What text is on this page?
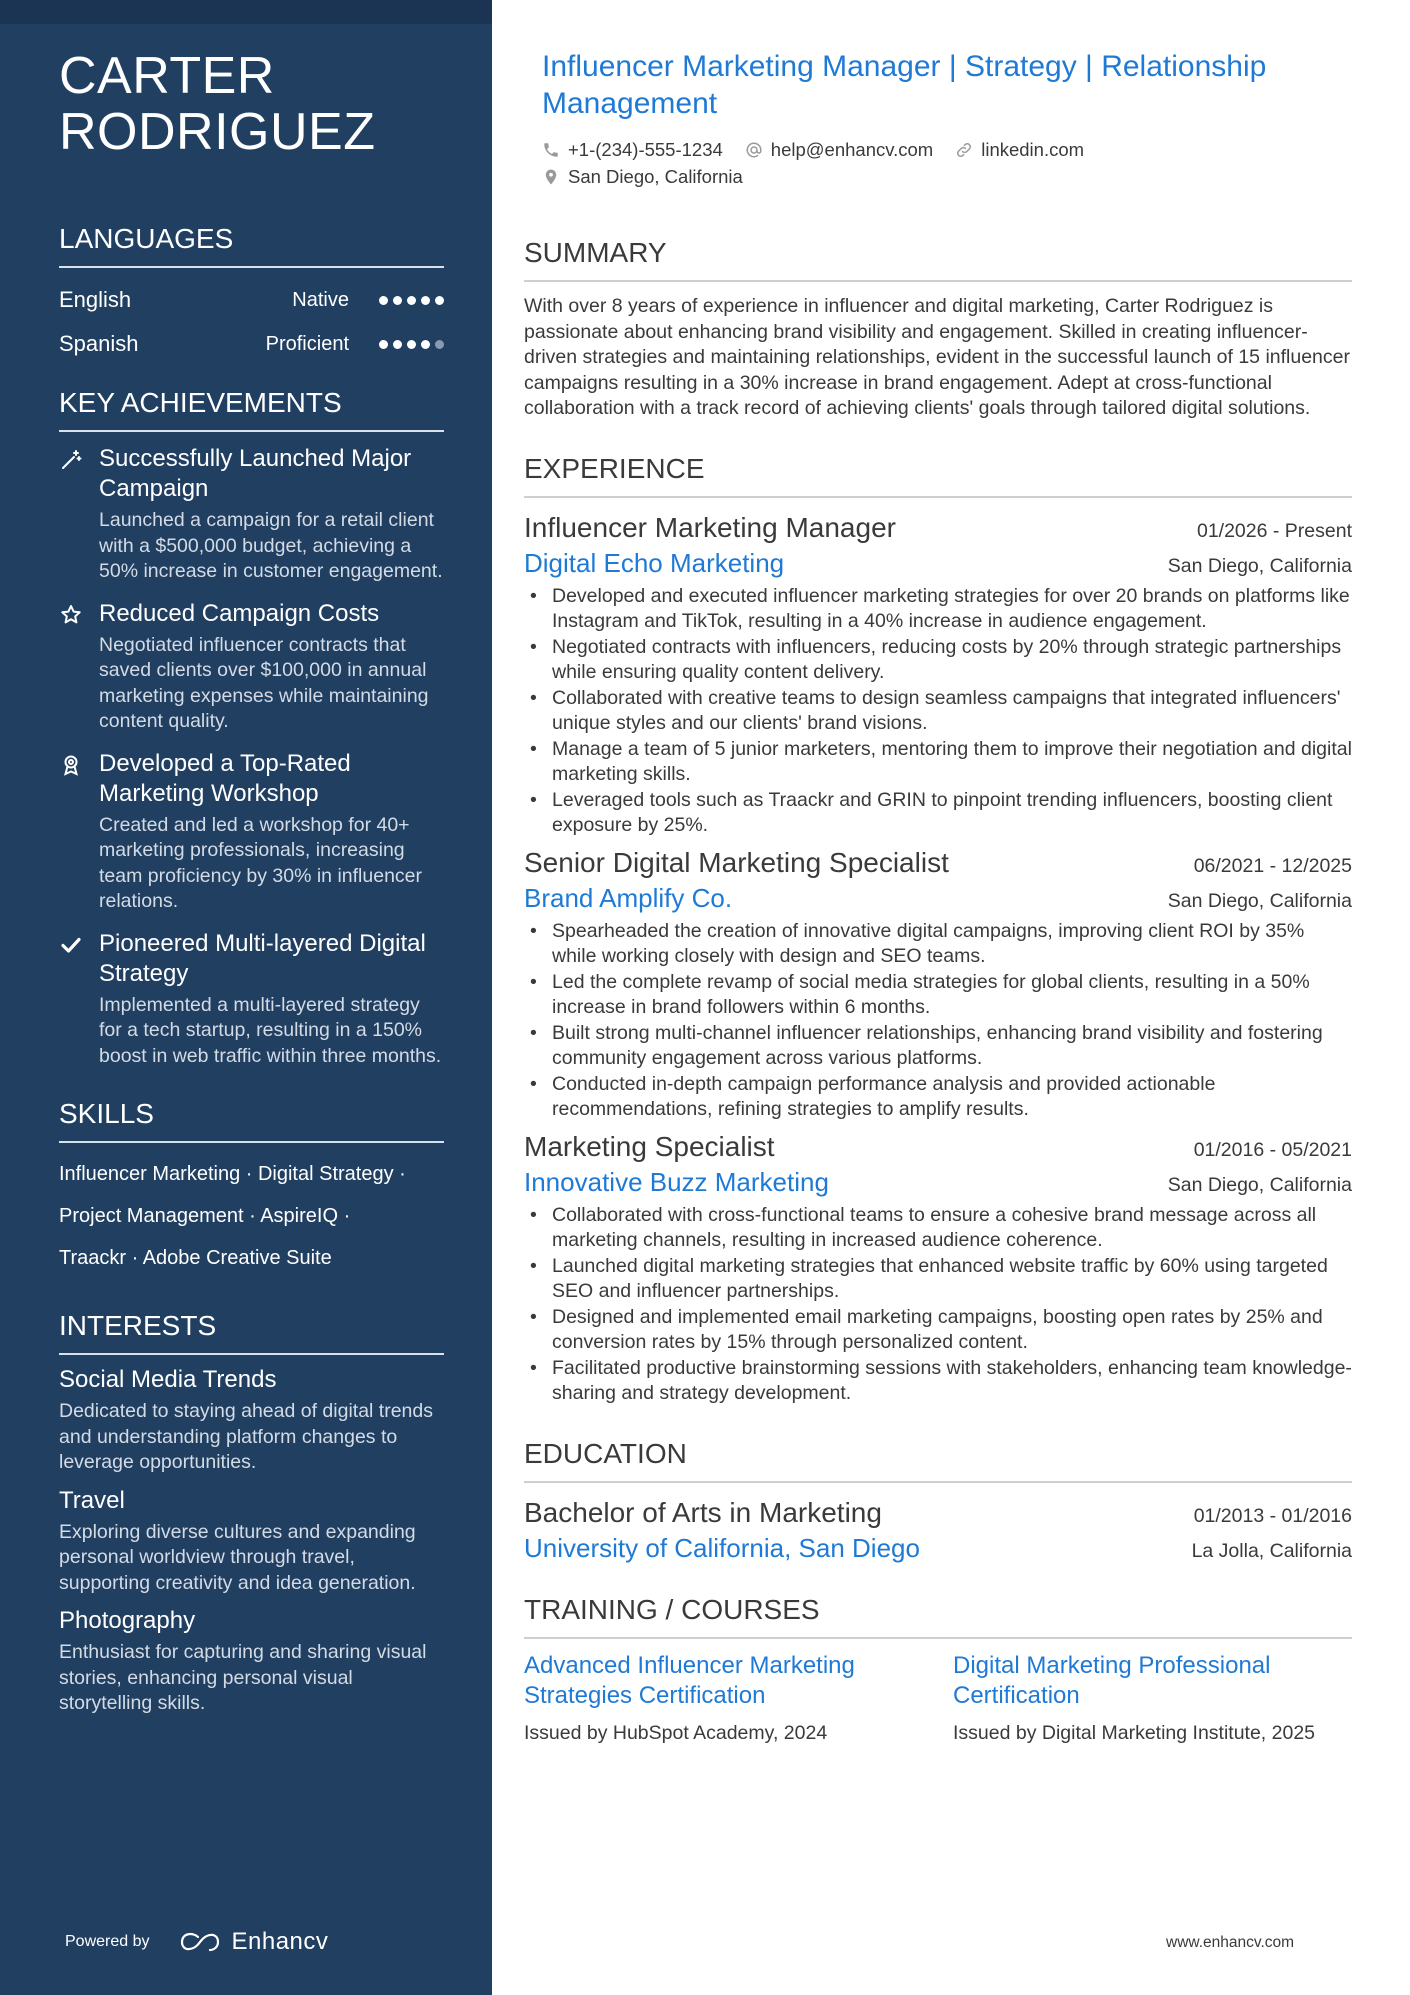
CARTER
RODRIGUEZ
LANGUAGES
English	Native
Spanish	Proficient
KEY ACHIEVEMENTS
Successfully Launched Major Campaign
Launched a campaign for a retail client with a $500,000 budget, achieving a 50% increase in customer engagement.
Reduced Campaign Costs
Negotiated influencer contracts that saved clients over $100,000 in annual marketing expenses while maintaining content quality.
Developed a Top-Rated Marketing Workshop
Created and led a workshop for 40+ marketing professionals, increasing team proficiency by 30% in influencer relations.
Pioneered Multi-layered Digital Strategy
Implemented a multi-layered strategy for a tech startup, resulting in a 150% boost in web traffic within three months.
SKILLS
Influencer Marketing · Digital Strategy ·
Project Management · AspireIQ ·
Traackr · Adobe Creative Suite
INTERESTS
Social Media Trends
Dedicated to staying ahead of digital trends and understanding platform changes to leverage opportunities.
Travel
Exploring diverse cultures and expanding personal worldview through travel, supporting creativity and idea generation.
Photography
Enthusiast for capturing and sharing visual stories, enhancing personal visual storytelling skills.
Powered by	Enhancv
Influencer Marketing Manager | Strategy | Relationship Management
+1-(234)-555-1234	help@enhancv.com	linkedin.com
San Diego, California
SUMMARY
With over 8 years of experience in influencer and digital marketing, Carter Rodriguez is passionate about enhancing brand visibility and engagement. Skilled in creating influencer-driven strategies and maintaining relationships, evident in the successful launch of 15 influencer campaigns resulting in a 30% increase in brand engagement. Adept at cross-functional collaboration with a track record of achieving clients' goals through tailored digital solutions.
EXPERIENCE
Influencer Marketing Manager	01/2026 - Present
Digital Echo Marketing	San Diego, California
• Developed and executed influencer marketing strategies for over 20 brands on platforms like Instagram and TikTok, resulting in a 40% increase in audience engagement.
• Negotiated contracts with influencers, reducing costs by 20% through strategic partnerships while ensuring quality content delivery.
• Collaborated with creative teams to design seamless campaigns that integrated influencers' unique styles and our clients' brand visions.
• Manage a team of 5 junior marketers, mentoring them to improve their negotiation and digital marketing skills.
• Leveraged tools such as Traackr and GRIN to pinpoint trending influencers, boosting client exposure by 25%.
Senior Digital Marketing Specialist	06/2021 - 12/2025
Brand Amplify Co.	San Diego, California
• Spearheaded the creation of innovative digital campaigns, improving client ROI by 35% while working closely with design and SEO teams.
• Led the complete revamp of social media strategies for global clients, resulting in a 50% increase in brand followers within 6 months.
• Built strong multi-channel influencer relationships, enhancing brand visibility and fostering community engagement across various platforms.
• Conducted in-depth campaign performance analysis and provided actionable recommendations, refining strategies to amplify results.
Marketing Specialist	01/2016 - 05/2021
Innovative Buzz Marketing	San Diego, California
• Collaborated with cross-functional teams to ensure a cohesive brand message across all marketing channels, resulting in increased audience coherence.
• Launched digital marketing strategies that enhanced website traffic by 60% using targeted SEO and influencer partnerships.
• Designed and implemented email marketing campaigns, boosting open rates by 25% and conversion rates by 15% through personalized content.
• Facilitated productive brainstorming sessions with stakeholders, enhancing team knowledge-sharing and strategy development.
EDUCATION
Bachelor of Arts in Marketing	01/2013 - 01/2016
University of California, San Diego	La Jolla, California
TRAINING / COURSES
Advanced Influencer Marketing Strategies Certification
Issued by HubSpot Academy, 2024
Digital Marketing Professional Certification
Issued by Digital Marketing Institute, 2025
www.enhancv.com
